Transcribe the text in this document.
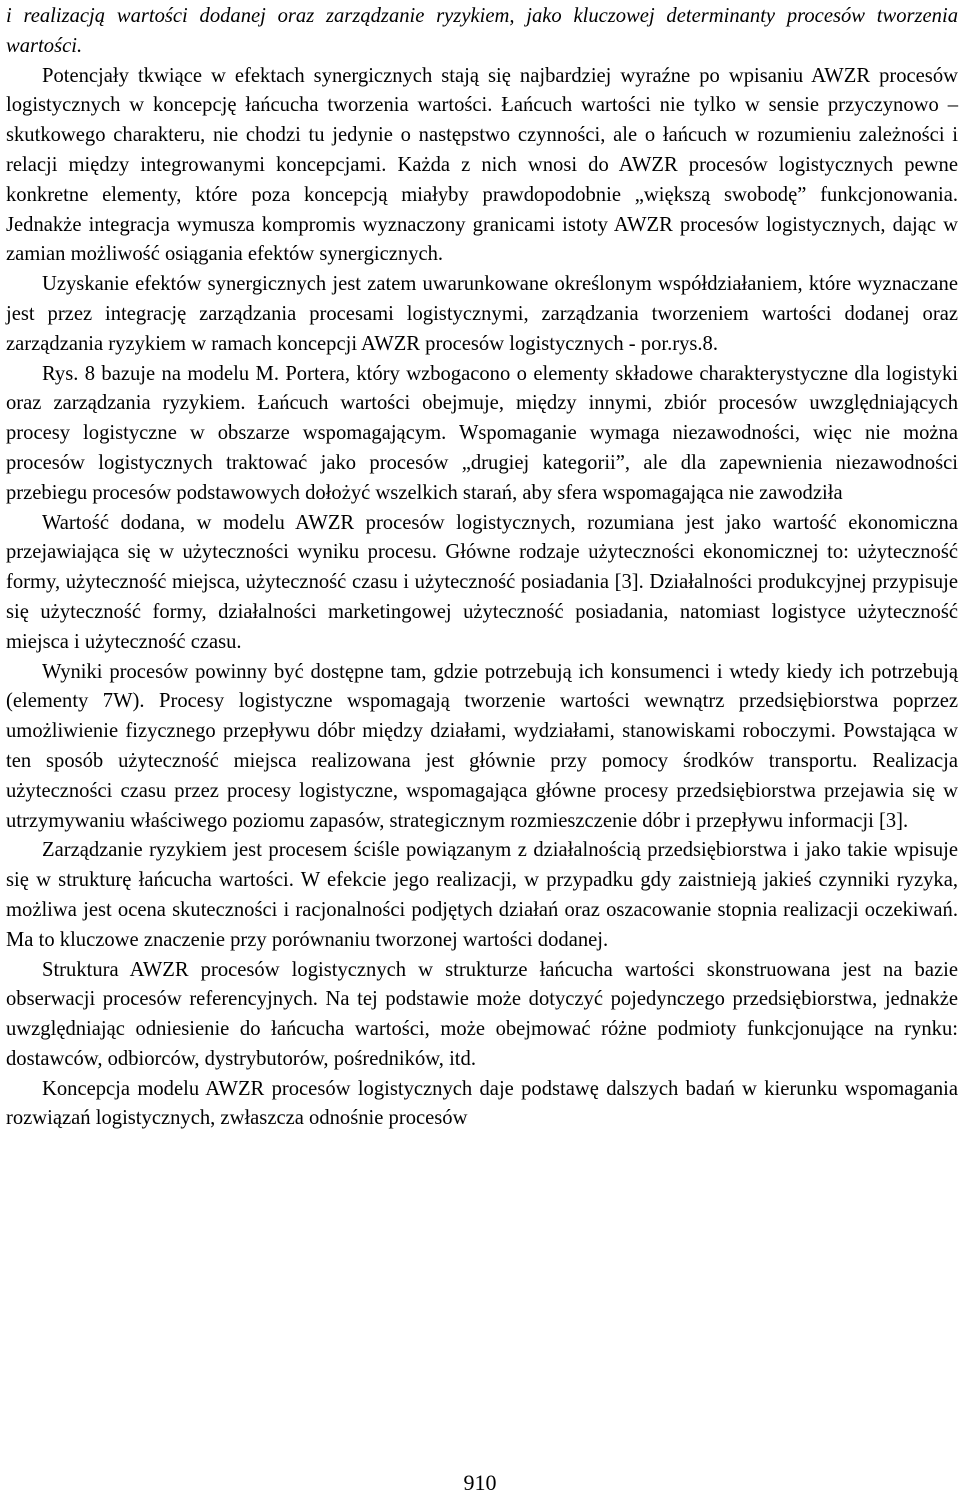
i realizacją wartości dodanej oraz zarządzanie ryzykiem, jako kluczowej determinanty procesów tworzenia wartości.

Potencjały tkwiące w efektach synergicznych stają się najbardziej wyraźne po wpisaniu AWZR procesów logistycznych w koncepcję łańcucha tworzenia wartości. Łańcuch wartości nie tylko w sensie przyczynowo – skutkowego charakteru, nie chodzi tu jedynie o następstwo czynności, ale o łańcuch w rozumieniu zależności i relacji między integrowanymi koncepcjami. Każda z nich wnosi do AWZR procesów logistycznych pewne konkretne elementy, które poza koncepcją miałyby prawdopodobnie „większą swobodę” funkcjonowania. Jednakże integracja wymusza kompromis wyznaczony granicami istoty AWZR procesów logistycznych, dając w zamian możliwość osiągania efektów synergicznych.

Uzyskanie efektów synergicznych jest zatem uwarunkowane określonym współdziałaniem, które wyznaczane jest przez integrację zarządzania procesami logistycznymi, zarządzania tworzeniem wartości dodanej oraz zarządzania ryzykiem w ramach koncepcji AWZR procesów logistycznych - por.rys.8.

Rys. 8 bazuje na modelu M. Portera, który wzbogacono o elementy składowe charakterystyczne dla logistyki oraz zarządzania ryzykiem. Łańcuch wartości obejmuje, między innymi, zbiór procesów uwzględniających procesy logistyczne w obszarze wspomagającym. Wspomaganie wymaga niezawodności, więc nie można procesów logistycznych traktować jako procesów „drugiej kategorii”, ale dla zapewnienia niezawodności przebiegu procesów podstawowych dołożyć wszelkich starań, aby sfera wspomagająca nie zawodziła

Wartość dodana, w modelu AWZR procesów logistycznych, rozumiana jest jako wartość ekonomiczna przejawiająca się w użyteczności wyniku procesu. Główne rodzaje użyteczności ekonomicznej to: użyteczność formy, użyteczność miejsca, użyteczność czasu i użyteczność posiadania [3]. Działalności produkcyjnej przypisuje się użyteczność formy, działalności marketingowej użyteczność posiadania, natomiast logistyce użyteczność miejsca i użyteczność czasu.

Wyniki procesów powinny być dostępne tam, gdzie potrzebują ich konsumenci i wtedy kiedy ich potrzebują (elementy 7W). Procesy logistyczne wspomagają tworzenie wartości wewnątrz przedsiębiorstwa poprzez umożliwienie fizycznego przepływu dóbr między działami, wydziałami, stanowiskami roboczymi. Powstająca w ten sposób użyteczność miejsca realizowana jest głównie przy pomocy środków transportu. Realizacja użyteczności czasu przez procesy logistyczne, wspomagająca główne procesy przedsiębiorstwa przejawia się w utrzymywaniu właściwego poziomu zapasów, strategicznym rozmieszczenie dóbr i przepływu informacji [3].

Zarządzanie ryzykiem jest procesem ściśle powiązanym z działalnością przedsiębiorstwa i jako takie wpisuje się w strukturę łańcucha wartości. W efekcie jego realizacji, w przypadku gdy zaistnieją jakieś czynniki ryzyka, możliwa jest ocena skuteczności i racjonalności podjętych działań oraz oszacowanie stopnia realizacji oczekiwań. Ma to kluczowe znaczenie przy porównaniu tworzonej wartości dodanej.

Struktura AWZR procesów logistycznych w strukturze łańcucha wartości skonstruowana jest na bazie obserwacji procesów referencyjnych. Na tej podstawie może dotyczyć pojedynczego przedsiębiorstwa, jednakże uwzględniając odniesienie do łańcucha wartości, może obejmować różne podmioty funkcjonujące na rynku: dostawców, odbiorców, dystrybutorów, pośredników, itd.

Koncepcja modelu AWZR procesów logistycznych daje podstawę dalszych badań w kierunku wspomagania rozwiązań logistycznych, zwłaszcza odnośnie procesów

910
